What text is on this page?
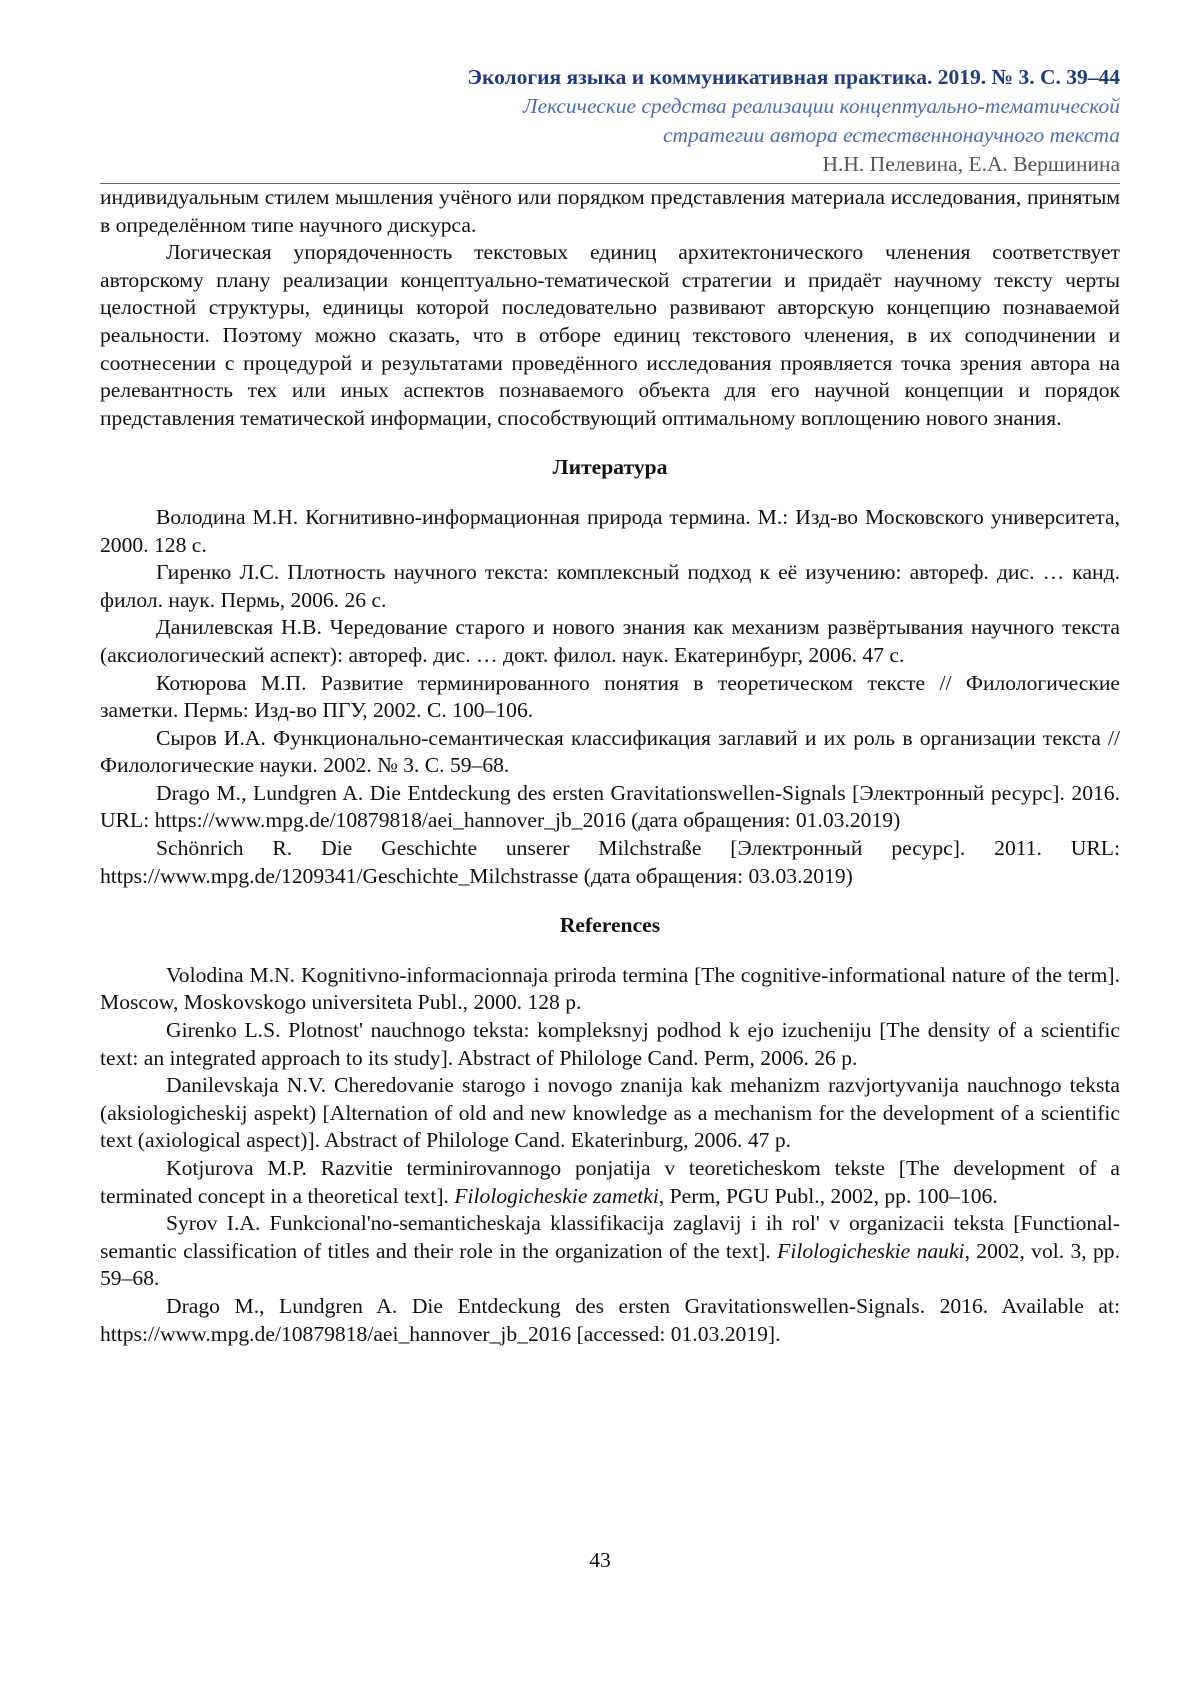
Экология языка и коммуникативная практика. 2019. № 3. С. 39–44
Лексические средства реализации концептуально-тематической
стратегии автора естественнонаучного текста
Н.Н. Пелевина, Е.А. Вершинина

индивидуальным стилем мышления учёного или порядком представления материала исследования, принятым в определённом типе научного дискурса.

Логическая упорядоченность текстовых единиц архитектонического членения соответствует авторскому плану реализации концептуально-тематической стратегии и придаёт научному тексту черты целостной структуры, единицы которой последовательно развивают авторскую концепцию познаваемой реальности. Поэтому можно сказать, что в отборе единиц текстового членения, в их соподчинении и соотнесении с процедурой и результатами проведённого исследования проявляется точка зрения автора на релевантность тех или иных аспектов познаваемого объекта для его научной концепции и порядок представления тематической информации, способствующий оптимальному воплощению нового знания.

Литература

Володина М.Н. Когнитивно-информационная природа термина. М.: Изд-во Московского университета, 2000. 128 с.

Гиренко Л.С. Плотность научного текста: комплексный подход к её изучению: автореф. дис. … канд. филол. наук. Пермь, 2006. 26 с.

Данилевская Н.В. Чередование старого и нового знания как механизм развёртывания научного текста (аксиологический аспект): автореф. дис. … докт. филол. наук. Екатеринбург, 2006. 47 с.

Котюрова М.П. Развитие терминированного понятия в теоретическом тексте // Филологические заметки. Пермь: Изд-во ПГУ, 2002. С. 100–106.

Сыров И.А. Функционально-семантическая классификация заглавий и их роль в организации текста // Филологические науки. 2002. № 3. С. 59–68.

Drago M., Lundgren A. Die Entdeckung des ersten Gravitationswellen-Signals [Электронный ресурс]. 2016. URL: https://www.mpg.de/10879818/aei_hannover_jb_2016 (дата обращения: 01.03.2019)

Schönrich R. Die Geschichte unserer Milchstraße [Электронный ресурс]. 2011. URL: https://www.mpg.de/1209341/Geschichte_Milchstrasse (дата обращения: 03.03.2019)

References

Volodina M.N. Kognitivno-informacionnaja priroda termina [The cognitive-informational nature of the term]. Moscow, Moskovskogo universiteta Publ., 2000. 128 p.

Girenko L.S. Plotnost' nauchnogo teksta: kompleksnyj podhod k ejo izucheniju [The density of a scientific text: an integrated approach to its study]. Abstract of Philologe Cand. Perm, 2006. 26 p.

Danilevskaja N.V. Cheredovanie starogo i novogo znanija kak mehanizm razvjortyvanija nauchnogo teksta (aksiologicheskij aspekt) [Alternation of old and new knowledge as a mechanism for the development of a scientific text (axiological aspect)]. Abstract of Philologe Cand. Ekaterinburg, 2006. 47 p.

Kotjurova M.P. Razvitie terminirovannogo ponjatija v teoreticheskom tekste [The development of a terminated concept in a theoretical text]. Filologicheskie zametki, Perm, PGU Publ., 2002, pp. 100–106.

Syrov I.A. Funkcional'no-semanticheskaja klassifikacija zaglavij i ih rol' v organizacii teksta [Functional-semantic classification of titles and their role in the organization of the text]. Filologicheskie nauki, 2002, vol. 3, pp. 59–68.

Drago M., Lundgren A. Die Entdeckung des ersten Gravitationswellen-Signals. 2016. Available at: https://www.mpg.de/10879818/aei_hannover_jb_2016 [accessed: 01.03.2019].

43
